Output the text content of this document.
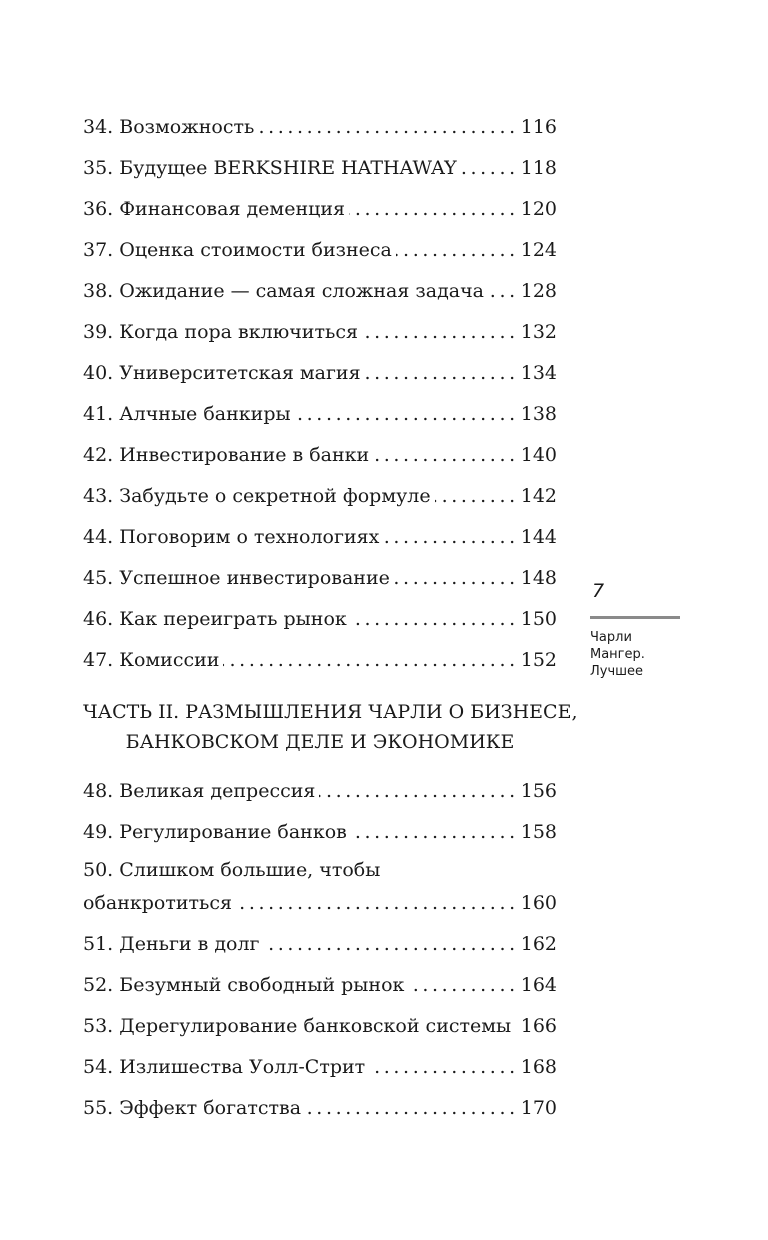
34. Возможность .....	116
35. Будущее BERKSHIRE HATHAWAY .....	118
36. Финансовая деменция .....	120
37. Оценка стоимости бизнеса .....	124
38. Ожидание — самая сложная задача ..... 128
39. Когда пора включиться .....	132
40. Университетская магия .....	134
41. Алчные банкиры .....	138
42. Инвестирование в банки .....	140
43. Забудьте о секретной формуле .....	142
44. Поговорим о технологиях .....	144
45. Успешное инвестирование .....	148
46. Как переиграть рынок .....	150
47. Комиссии .....	152
ЧАСТЬ II. РАЗМЫШЛЕНИЯ ЧАРЛИ О БИЗНЕСЕ,
БАНКОВСКОМ ДЕЛЕ И ЭКОНОМИКЕ
48. Великая депрессия .....	156
49. Регулирование банков .....	158
50. Слишком большие, чтобы
обанкротиться .....	160
51. Деньги в долг .....	162
52. Безумный свободный рынок .....	164
53. Дерегулирование банковской системы 166
54. Излишества Уолл-Стрит .....	168
55. Эффект богатства .....	170
7
Чарли
Мангер.
Лучшее
